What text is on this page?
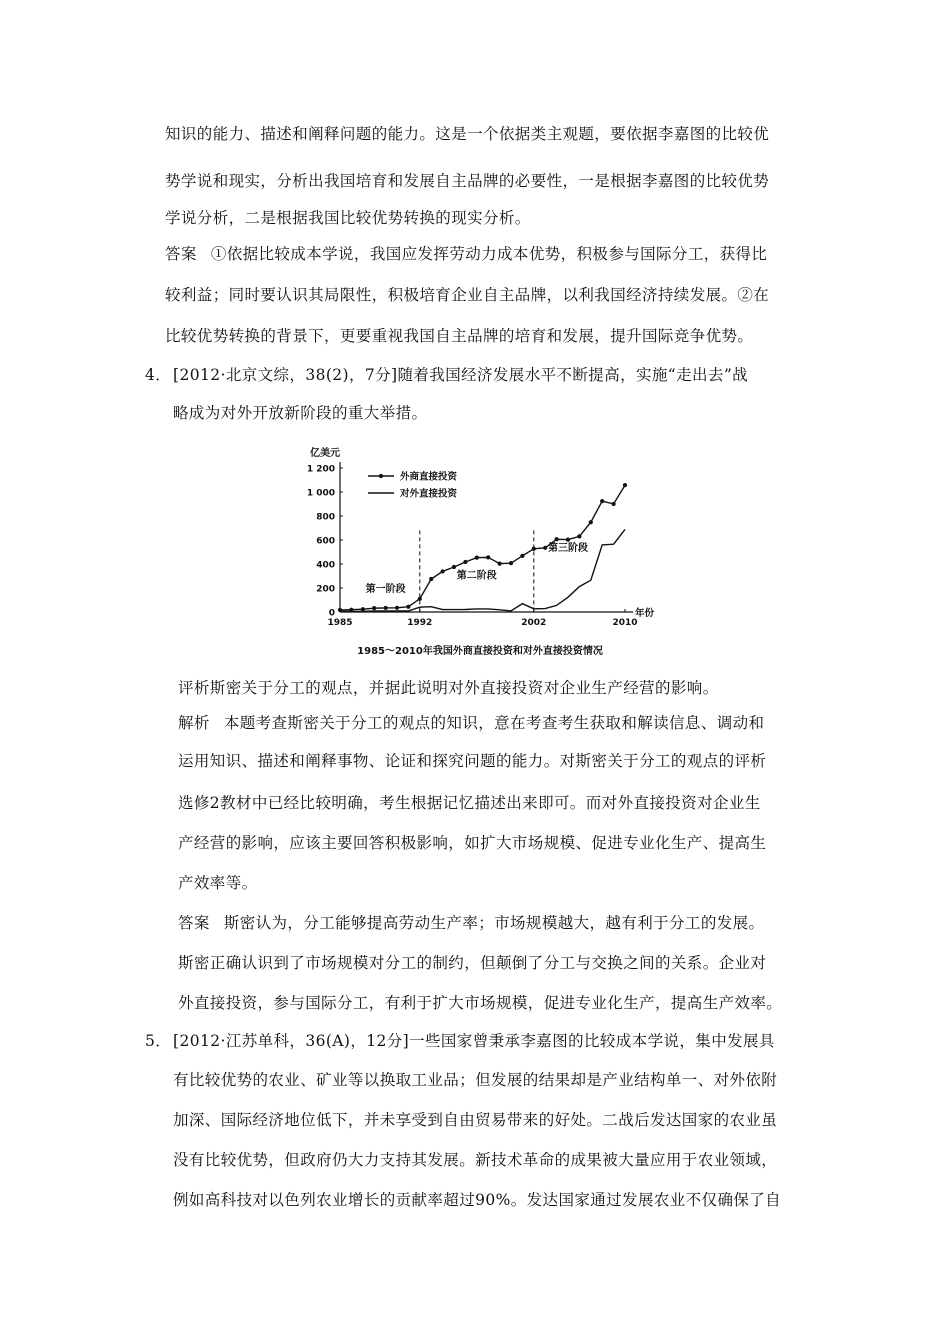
知识的能力、描述和阐释问题的能力。这是一个依据类主观题，要依据李嘉图的比较优
势学说和现实，分析出我国培育和发展自主品牌的必要性，一是根据李嘉图的比较优势
学说分析，二是根据我国比较优势转换的现实分析。
答案 ①依据比较成本学说，我国应发挥劳动力成本优势，积极参与国际分工，获得比
较利益；同时要认识其局限性，积极培育企业自主品牌，以利我国经济持续发展。②在
比较优势转换的背景下，更要重视我国自主品牌的培育和发展，提升国际竞争优势。
4． [2012·北京文综，38(2)，7分]随着我国经济发展水平不断提高，实施“走出去”战
略成为对外开放新阶段的重大举措。
亿美元
0
200
400
600
800
1 000
1 200
1985	1992	2002	2010
年份
第一阶段
第二阶段
第三阶段
外商直接投资
对外直接投资
1985～2010年我国外商直接投资和对外直接投资情况
评析斯密关于分工的观点，并据此说明对外直接投资对企业生产经营的影响。
解析 本题考查斯密关于分工的观点的知识，意在考查考生获取和解读信息、调动和
运用知识、描述和阐释事物、论证和探究问题的能力。对斯密关于分工的观点的评析
选修2教材中已经比较明确，考生根据记忆描述出来即可。而对外直接投资对企业生
产经营的影响，应该主要回答积极影响，如扩大市场规模、促进专业化生产、提高生
产效率等。
答案 斯密认为，分工能够提高劳动生产率；市场规模越大，越有利于分工的发展。
斯密正确认识到了市场规模对分工的制约，但颠倒了分工与交换之间的关系。企业对
外直接投资，参与国际分工，有利于扩大市场规模，促进专业化生产，提高生产效率。
5． [2012·江苏单科，36(A)，12分]一些国家曾秉承李嘉图的比较成本学说，集中发展具
有比较优势的农业、矿业等以换取工业品；但发展的结果却是产业结构单一、对外依附
加深、国际经济地位低下，并未享受到自由贸易带来的好处。二战后发达国家的农业虽
没有比较优势，但政府仍大力支持其发展。新技术革命的成果被大量应用于农业领域，
例如高科技对以色列农业增长的贡献率超过90%。发达国家通过发展农业不仅确保了自
